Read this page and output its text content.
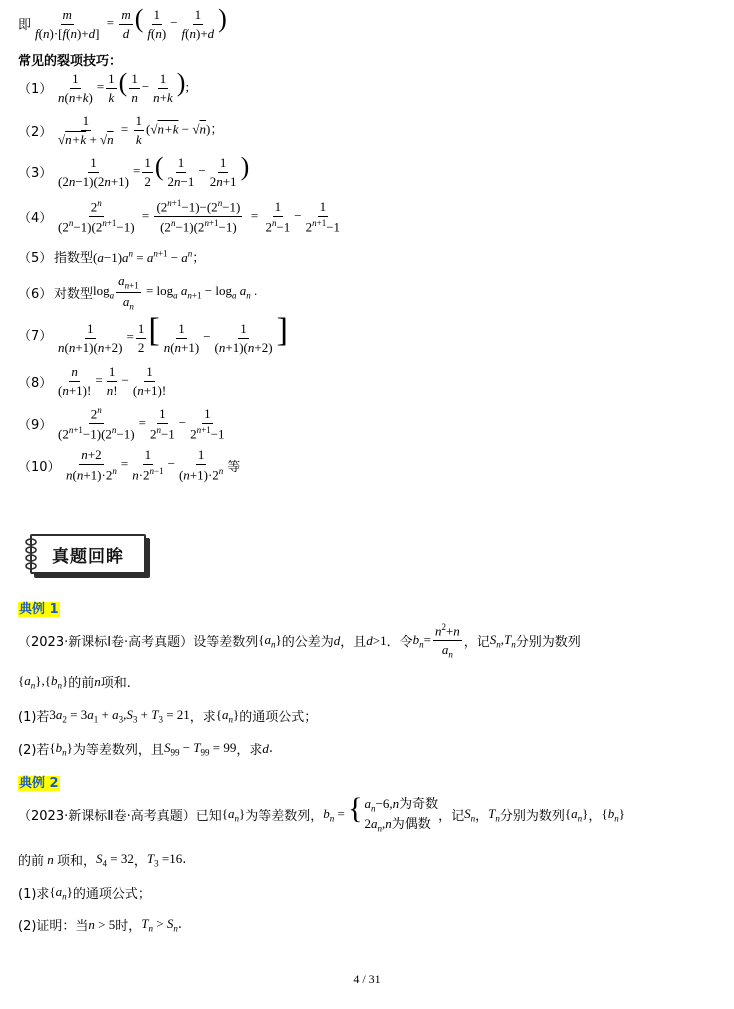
即 $\frac{m}{f(n)\cdot[f(n)+d]} = \frac{m}{d}$ ( $\frac{1}{f(n)} - \frac{1}{f(n)+d}$ )
常见的裂项技巧：
$(1) \frac{1}{n(n+k)} = \frac{1}{k}$ ( $\frac{1}{n} - \frac{1}{n+k}$ );
$(2) \frac{1}{√n+k + √n} = \frac{1}{k} (√n+k - √n)$；
$(3) \frac{1}{(2n-1)(2n+1)} = \frac{1}{2}$ ( $\frac{1}{2n-1} - \frac{1}{2n+1}$ )
$(4) \frac{2^n}{(2^n-1)(2^{n+1}-1)} = \frac{(2^{n+1}-1)-(2^n-1)}{(2^n-1)(2^{n+1}-1)} = \frac{1}{2^n-1} - \frac{1}{2^{n+1}-1}$
（5） 指数型 $(a-1)a^n = a^{n+1} - a^n$；
（6） 对数型 $\log_a \frac{a_{n+1}}{a_n} = \log_a a_{n+1} - \log_a a_n$ .
$(7) \frac{1}{n(n+1)(n+2)} = \frac{1}{2}$ [ $\frac{1}{n(n+1)} - \frac{1}{(n+1)(n+2)}$ ]
$(8) \frac{n}{(n+1)!} = \frac{1}{n!} - \frac{1}{(n+1)!}$
$(9) \frac{2^n}{(2^{n+1}-1)(2^n-1)} = \frac{1}{2^n-1} - \frac{1}{2^{n+1}-1}$
$(10) \frac{n+2}{n(n+1)\cdot 2^n} = \frac{1}{n\cdot 2^{n-1}} - \frac{1}{(n+1)\cdot 2^n}$ 等
真题回眸
典例 1
（2023·新课标Ⅰ卷·高考真题） 设等差数列 $\{a_n\}$ 的公差为 d ，且 d>1 ．令 $b_n= \frac{n^2+n}{a_n}$ ，记 $S_n,T_n$ 分别为数列
$\{a_n\},\{b_n\}$ 的前 n 项和.
(1)若 $3a_2 = 3a_1 + a_3,S_3 + T_3 = 21$ ，求 $\{a_n\}$ 的通项公式；
(2)若 $\{b_n\}$ 为等差数列，且 $S_{99} - T_{99} = 99$ ，求 d .
典例 2
（2023·新课标Ⅱ卷·高考真题） 已知 $\{a_n\}$ 为等差数列， $b_n$ = { $a_n-6,n$为奇数
$2a_n,n$为偶数
，记 $S_n$ ， $T_n$ 分别为数列 $\{a_n\}$ ， $\{b_n\}$
的前 n 项和， $S_4 = 32$ ， $T_3 =16$ .
(1)求 $\{a_n\}$ 的通项公式；
(2)证明：当 n > 5 时， $T_n > S_n$ .
4 / 31
